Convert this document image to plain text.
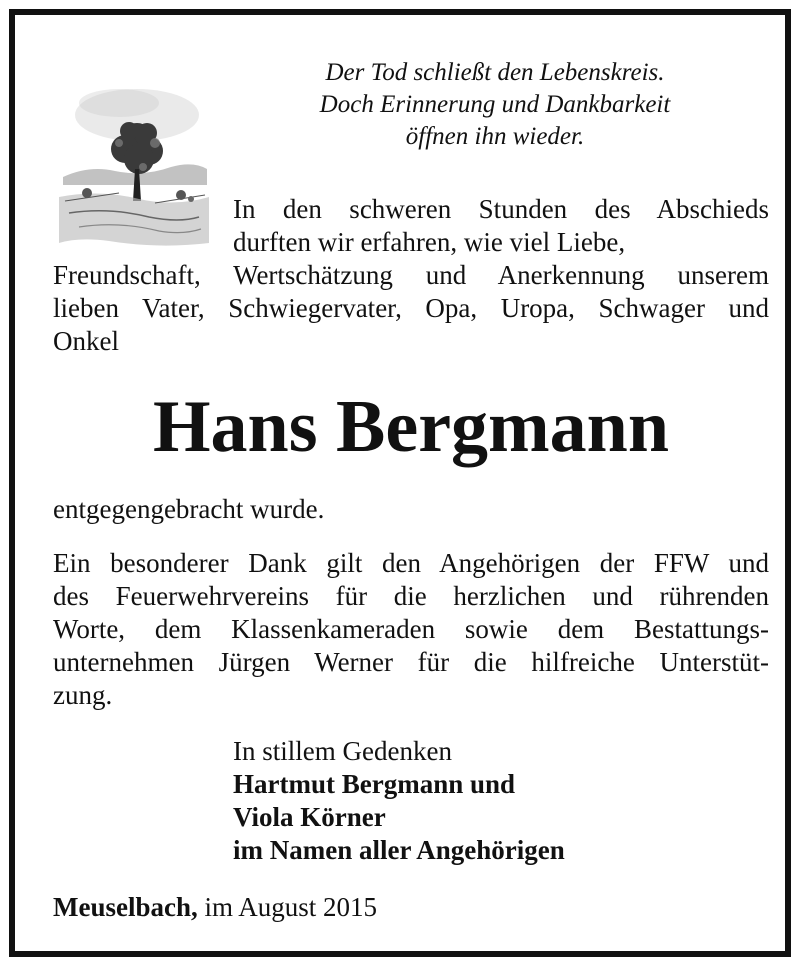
Der Tod schließt den Lebenskreis.
Doch Erinnerung und Dankbarkeit
öffnen ihn wieder.
In den schweren Stunden des Abschieds
durften wir erfahren, wie viel Liebe,
Freundschaft, Wertschätzung und Anerkennung unserem
lieben Vater, Schwiegervater, Opa, Uropa, Schwager und
Onkel
Hans Bergmann
entgegengebracht wurde.
Ein besonderer Dank gilt den Angehörigen der FFW und
des Feuerwehrvereins für die herzlichen und rührenden
Worte, dem Klassenkameraden sowie dem Bestattungs-
unternehmen Jürgen Werner für die hilfreiche Unterstüt-
zung.
In stillem Gedenken
Hartmut Bergmann und
Viola Körner
im Namen aller Angehörigen
Meuselbach, im August 2015
